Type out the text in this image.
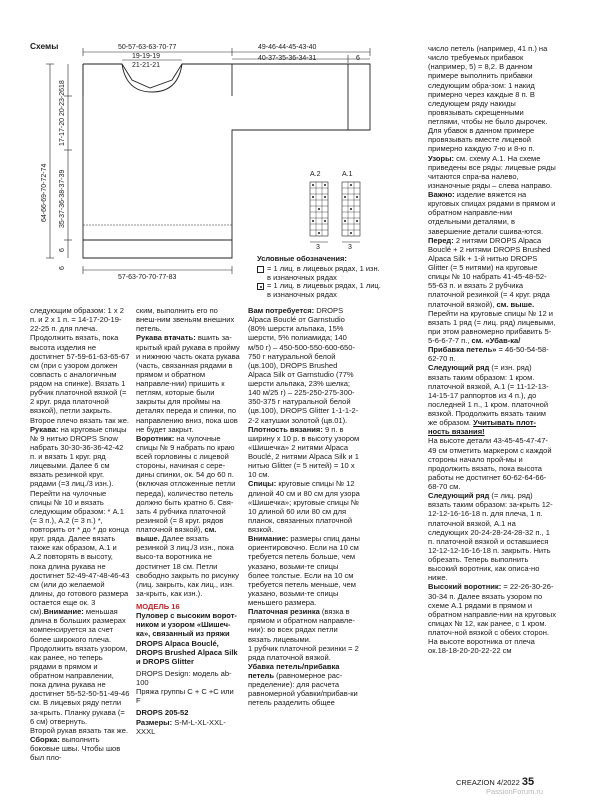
Схемы	50-57-63-63-70-77
19-19-19
21-21-21
49-46-44-45-43-40
40-37-35-36-34-31	6
18
17-17-20 20-23-26
64-66-69-70-72-74 35-37-36-38-37-39
6
6
57-63-70-70-77-83
A.2
3
A.1
3
Условные обозначения:
= 1 лиц. в лицевых рядах, 1 изн.
в изнаночных рядах
= 1 лиц. в лицевых рядах, 1 лиц.
в изнаночных рядах

следующим образом: 1 х 2 п. и 2 х 1 п. = 14-17-20-19-22-25 п. для плеча.

Продолжить вязать, пока высота изделия не достигнет 57-59-61-63-65-67 см (при с узором должен совпасть с аналогичным рядом на спинке). Вязать 1 рубчик платочной вязкой (= 2 круг. ряда платочной вязкой), петли закрыть. Второе плечо вязать так же.

Рукава: на круговые спицы № 9 нитью DROPS Snow набрать 30-30-36-36-42-42 п. и вязать 1 круг. ряд лицевыми. Далее 6 см вязать резинкой круг. рядами (=3 лиц./3 изн.). Перейти на чулочные спицы № 10 и вязать следующим образом: * А.1 (= 3 п.), А.2 (= 3 п.) *, повторить от * до * до конца круг. ряда. Далее вязать также как образом, А.1 и А.2 повторять в высоту, пока длина рукава не достигнет 52-49-47-48-46-43 см (или до желаемой длины, до готового размера остается еще ок. 3 см).Внимание: меньшая длина в больших размерах компенсируется за счет более широкого плеча. Продолжить вязать узором, как ранее, но теперь рядами в прямом и обратном направлении, пока длина рукава не достигнет 55-52-50-51-49-46 см. В лицевых ряду петли за-крыть. Планку рукава (= 6 см) отвернуть.

Второй рукав вязать так же.

Сборка: выполнить боковые швы. Чтобы шов был пло-

ским, выполнить его по внеш-ним звеньям внешних петель.

Рукава втачать: вшить за-крытый край рукава в пройму и нижнюю часть оката рукава (часть, связанная рядами в прямом и обратном направле-нии) пришить к петлям, которые были закрыты для проймы на деталях переда и спинки, по направлению вниз, пока шов не будет закрыт.

Воротник: на чулочные спицы № 9 набрать по краю всей горловины с лицевой стороны, начиная с сере-дины спинки, ок. 54 до 60 п. (включая отложенные петли переда), количество петель должно быть кратно 6. Свя-зать 4 рубчика платочной резинкой (= 8 круг. рядов платочной вязкой), см. выше. Далее вязать резинкой 3 лиц./3 изн., пока высо-та воротника не достигнет 18 см. Петли свободно закрыть по рисунку (лиц. закрыть, как лиц., изн. за-крыть, как изн.).

МОДЕЛЬ 16

Пуловер с высоким ворот-ником и узором «Шишеч-ка», связанный из пряжи DROPS Alpaca Bouclé, DROPS Brushed Alpaca Silk и DROPS Glitter

DROPS Design: модель ab-100

Пряжа группы C + C +C или F

DROPS 205-52

Размеры: S-M-L-XL-XXL-XXXL

Вам потребуется: DROPS Alpaca Bouclé от Garnstudio (80% шерсти альпака, 15% шерсти, 5% полиамида; 140 м/50 г) – 450-500-550-600-650-750 г натуральной белой (цв.100), DROPS Brushed Alpaca Silk от Garnstudio (77% шерсти альпака, 23% шелка; 140 м/25 г) – 225-250-275-300-350-375 г натуральной белой (цв.100), DROPS Glitter 1-1-1-2-2-2 катушки золотой (цв.01).

Плотность вязания: 9 п. в ширину х 10 р. в высоту узором «Шишечка» 2 нитями Alpaca Bouclé, 2 нитями Alpaca Silk и 1 нитью Glitter (= 5 нитей) = 10 х 10 см.

Спицы: круговые спицы № 12 длиной 40 см и 80 см для узора «Шишечка»; круговые спицы № 10 длиной 60 или 80 см для планок, связанных платочной вязкой.

Внимание: размеры спиц даны ориентировочно. Если на 10 см требуется петель больше, чем указано, возьми-те спицы более толстые. Если на 10 см требуется петель меньше, чем указано, возьми-те спицы меньшего размера.

Платочная резинка (вязка в прямом и обратном направле-нии): во всех рядах петли вязать лицевыми.

1 рубчик платочной резинки = 2 ряда платочной вязкой.

Убавка петель/прибавка петель (равномерное рас-пределение): для расчета равномерной убавки/прибав-ки петель разделить общее

число петель (например, 41 п.) на число требуемых прибавок (например, 5) = 8,2. В данном примере выполнить прибавки следующим обра-зом: 1 накид примерно через каждые 8 п. В следующем ряду накиды провязывать скрещенными петлями, чтобы не было дырочек.

Для убавок в данном примере провязывать вместе лицевой примерно каждую 7-ю и 8-ю п.

Узоры: см. схему А.1. На схеме приведены все ряды: лицевые ряды читаются спра-ва налево, изнаночные ряды – слева направо.

Важно: изделие вяжется на круговых спицах рядами в прямом и обратном направле-нии отдельными деталями, в завершение детали сшива-ются.

Перед: 2 нитями DROPS Alpaca Bouclé + 2 нитями DROPS Brushed Alpaca Silk + 1-й нитью DROPS Glitter (= 5 нитями) на круговые спицы № 10 набрать 41-45-48-52-55-63 п. и вязать 2 рубчика платочной резинкой (= 4 круг. ряда платочной вязкой), см. выше. Перейти на круговые спицы № 12 и вязать 1 ряд (= лиц. ряд) лицевыми, при этом равномерно прибавить 5-5-6-6-7-7 п., см. «Убав-ка/Прибавка петель» = 46-50-54-58-62-70 п.

Следующий ряд (= изн. ряд) вязать таким образом: 1 кром. платочной вязкой, А.1 (= 11-12-13-14-15-17 раппортов из 4 п.), до последней 1 п., 1 кром. платочной вязкой. Продолжить вязать таким же образом. Учитывать плот-ность вязания!

На высоте детали 43-45-45-47-47-49 см отметить маркером с каждой стороны начало прой-мы и продолжить вязать, пока высота работы не достигнет 60-62-64-66-68-70 см.

Следующий ряд (= лиц. ряд) вязать таким образом: за-крыть 12-12-12-16-16-18 п. для плеча, 1 п. платочной вязкой, А.1 на следующих 20-24-28-24-28-32 п., 1 п. платочной вязкой и оставшиеся 12-12-12-16-16-18 п. закрыть. Нить обрезать. Теперь выполнить высокий воротник, как описа-но ниже.

Высокий воротник: = 22-26-30-26-30-34 п. Далее вязать узором по схеме А.1 рядами в прямом и обратном направле-нии на круговых спицах № 12, как ранее, с 1 кром. платоч-ной вязкой с обеих сторон. На высоте воротника от плеча ок.18-18-20-20-22-22 см

CREAZION 4/2022 35
PassionForum.ru
